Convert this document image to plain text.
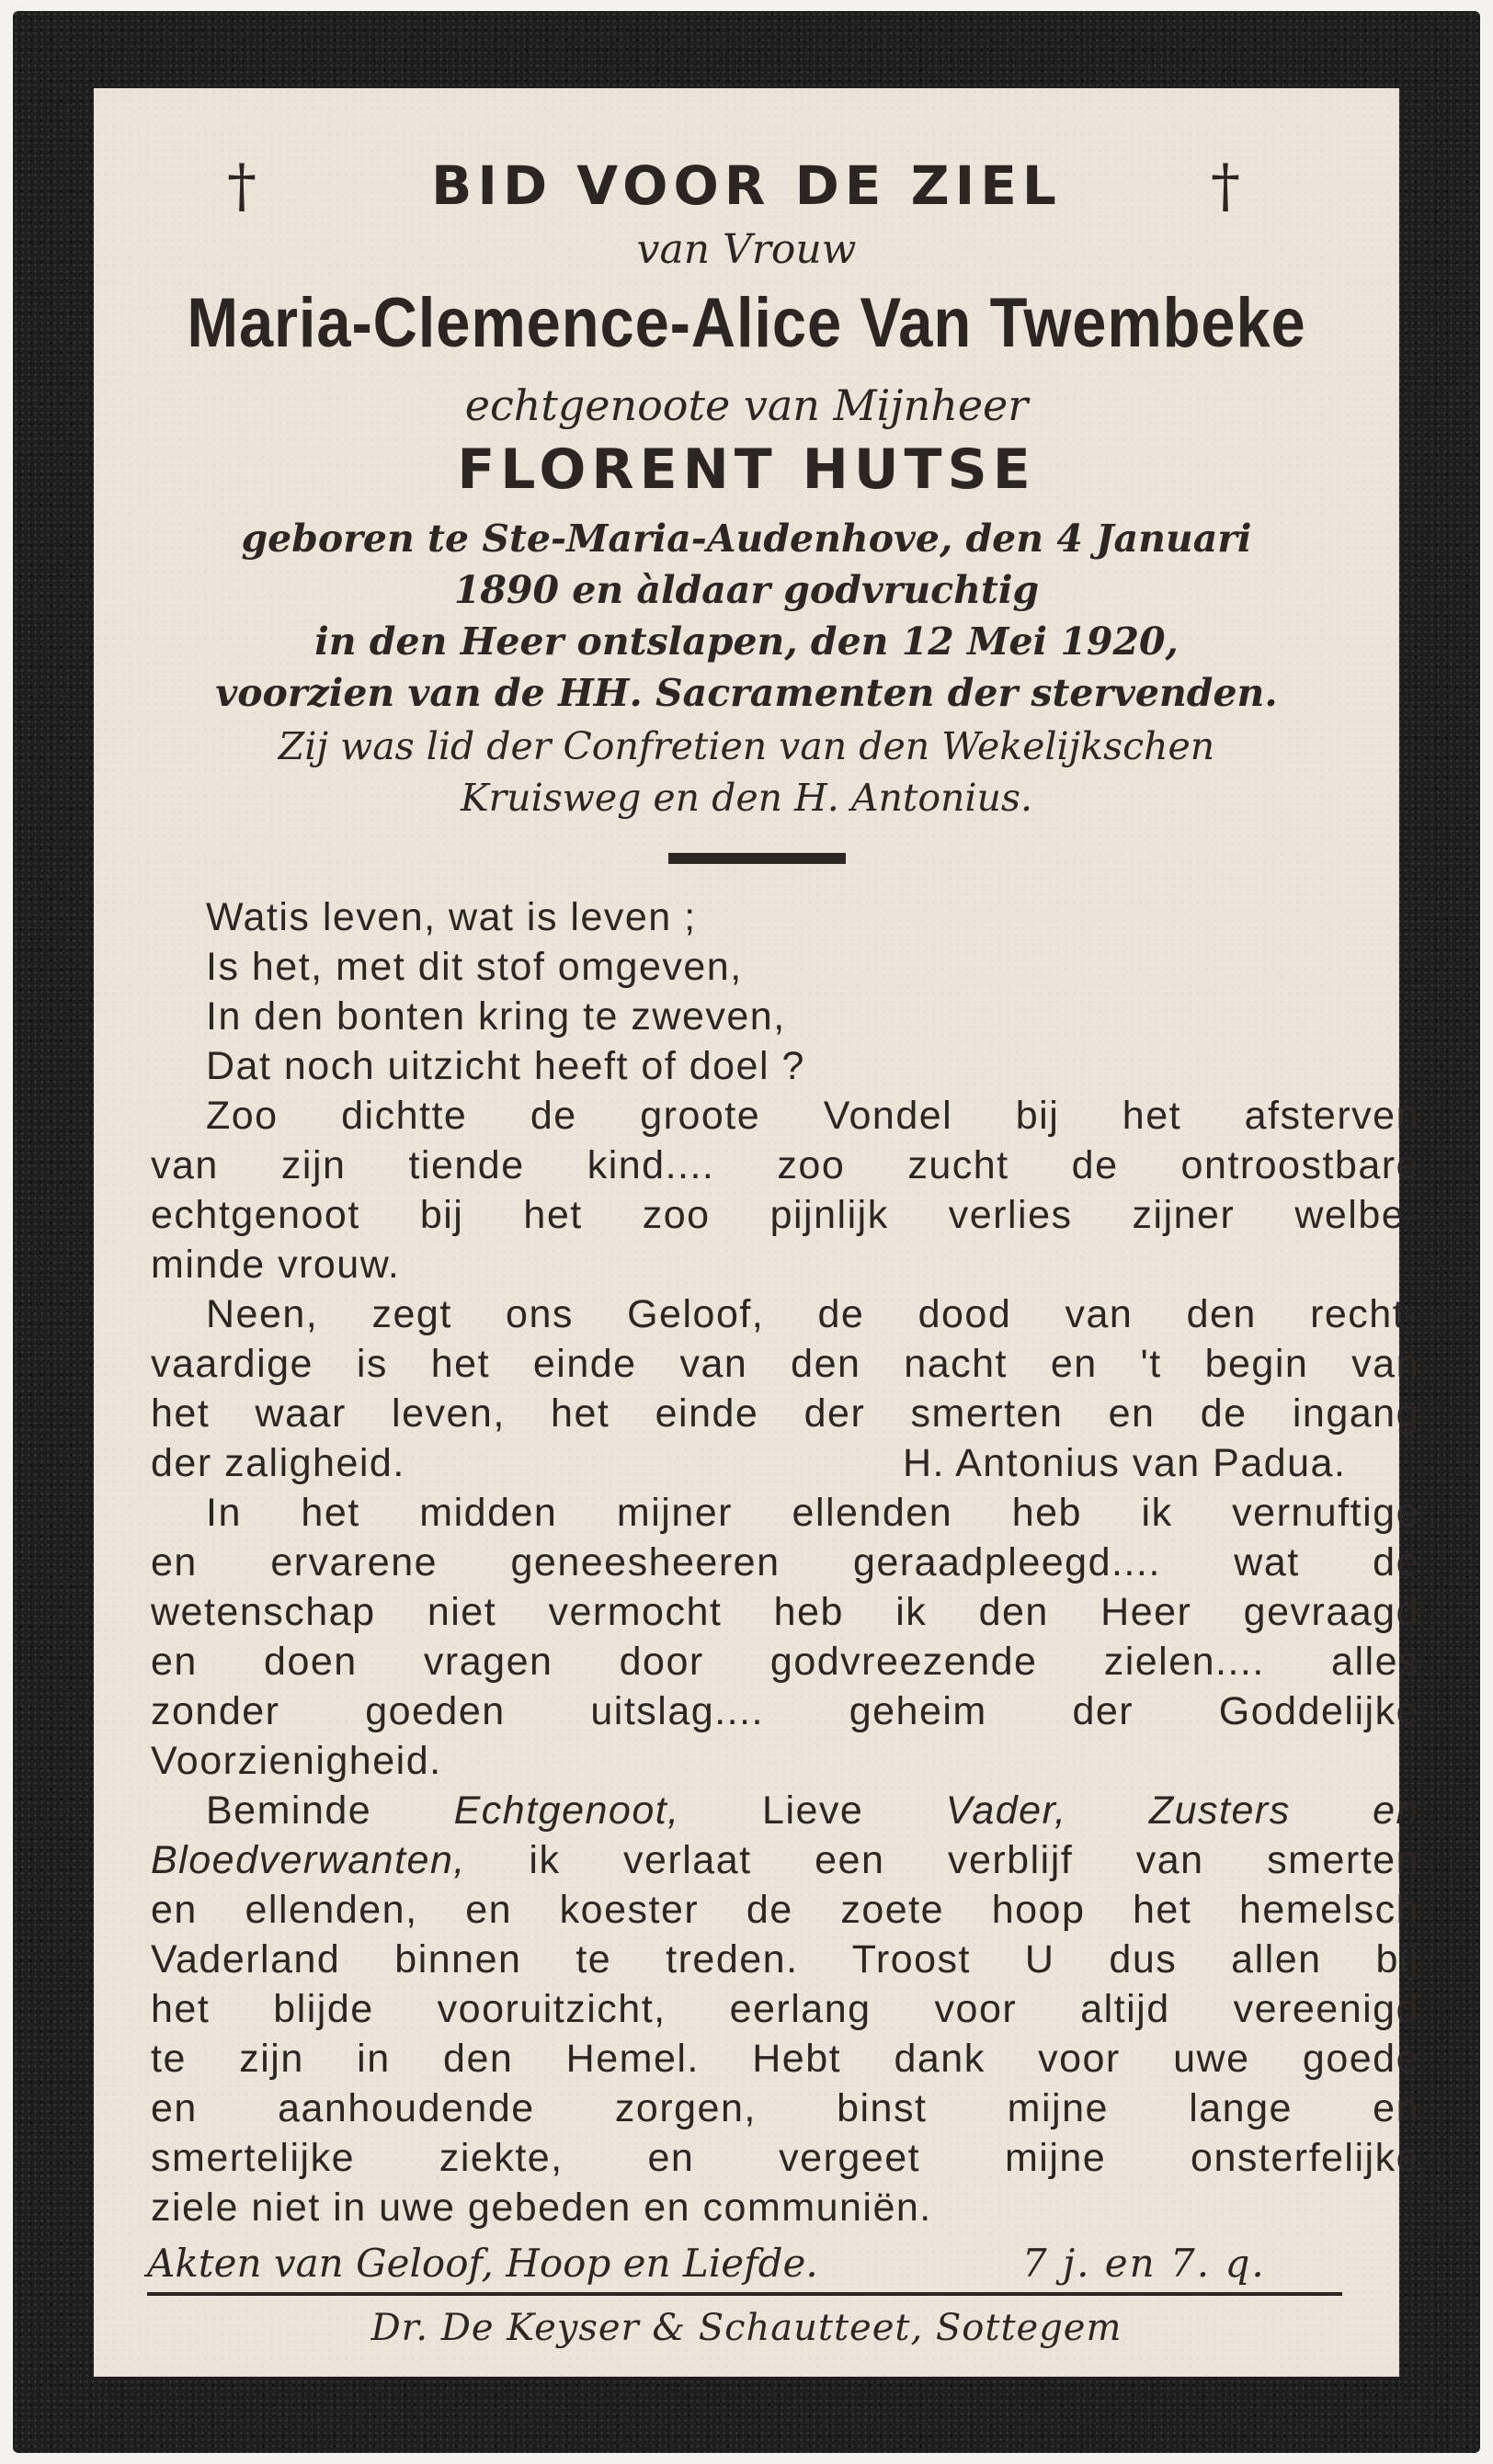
†	†
BID VOOR DE ZIEL
van Vrouw
Maria-Clemence-Alice Van Twembeke
echtgenoote van Mijnheer
FLORENT HUTSE
geboren te Ste-Maria-Audenhove, den 4 Januari
1890 en àldaar godvruchtig
in den Heer ontslapen, den 12 Mei 1920,
voorzien van de HH. Sacramenten der stervenden.
Zij was lid der Confretien van den Wekelijkschen
Kruisweg en den H. Antonius.
Watis leven, wat is leven ;
Is het, met dit stof omgeven,
In den bonten kring te zweven,
Dat noch uitzicht heeft of doel ?
Zoo dichtte de groote Vondel bij het afsterven
van zijn tiende kind.... zoo zucht de ontroostbare
echtgenoot bij het zoo pijnlijk verlies zijner welbe-
minde vrouw.
Neen, zegt ons Geloof, de dood van den recht-
vaardige is het einde van den nacht en 't begin van
het waar leven, het einde der smerten en de ingang
der zaligheid.	H. Antonius van Padua.
In het midden mijner ellenden heb ik vernuftige
en ervarene geneesheeren geraadpleegd.... wat de
wetenschap niet vermocht heb ik den Heer gevraagd
en doen vragen door godvreezende zielen.... alles
zonder goeden uitslag.... geheim der Goddelijke
Voorzienigheid.
Beminde Echtgenoot, Lieve Vader, Zusters en
Bloedverwanten, ik verlaat een verblijf van smerten
en ellenden, en koester de zoete hoop het hemelsch
Vaderland binnen te treden. Troost U dus allen bij
het blijde vooruitzicht, eerlang voor altijd vereenigd
te zijn in den Hemel. Hebt dank voor uwe goede
en aanhoudende zorgen, binst mijne lange en
smertelijke ziekte, en vergeet mijne onsterfelijke
ziele niet in uwe gebeden en communiën.
Akten van Geloof, Hoop en Liefde.	7 j. en 7. q.
Dr. De Keyser & Schautteet, Sottegem
